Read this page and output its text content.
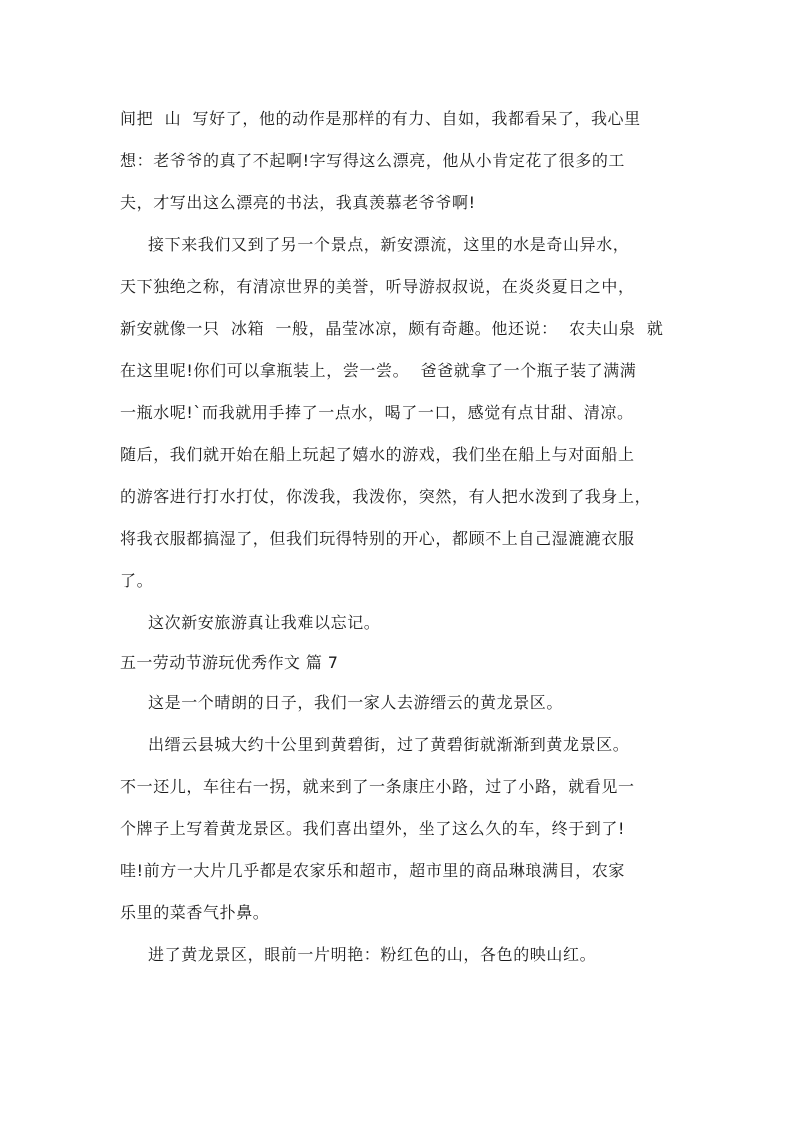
间把  山  写好了，他的动作是那样的有力、自如，我都看呆了，我心里
想：老爷爷的真了不起啊!字写得这么漂亮，他从小肯定花了很多的工
夫，才写出这么漂亮的书法，我真羡慕老爷爷啊!
接下来我们又到了另一个景点，新安漂流，这里的水是奇山异水，
天下独绝之称，有清凉世界的美誉，听导游叔叔说，在炎炎夏日之中，
新安就像一只  冰箱  一般，晶莹冰凉，颇有奇趣。他还说：  农夫山泉  就
在这里呢!你们可以拿瓶装上，尝一尝。  爸爸就拿了一个瓶子装了满满
一瓶水呢!`而我就用手捧了一点水，喝了一口，感觉有点甘甜、清凉。
随后，我们就开始在船上玩起了嬉水的游戏，我们坐在船上与对面船上
的游客进行打水打仗，你泼我，我泼你，突然，有人把水泼到了我身上，
将我衣服都搞湿了，但我们玩得特别的开心，都顾不上自己湿漉漉衣服
了。
这次新安旅游真让我难以忘记。
五一劳动节游玩优秀作文 篇 7
这是一个晴朗的日子，我们一家人去游缙云的黄龙景区。
出缙云县城大约十公里到黄碧街，过了黄碧街就渐渐到黄龙景区。
不一还儿，车往右一拐，就来到了一条康庄小路，过了小路，就看见一
个牌子上写着黄龙景区。我们喜出望外，坐了这么久的车，终于到了!
哇!前方一大片几乎都是农家乐和超市，超市里的商品琳琅满目，农家
乐里的菜香气扑鼻。
进了黄龙景区，眼前一片明艳：粉红色的山，各色的映山红。
